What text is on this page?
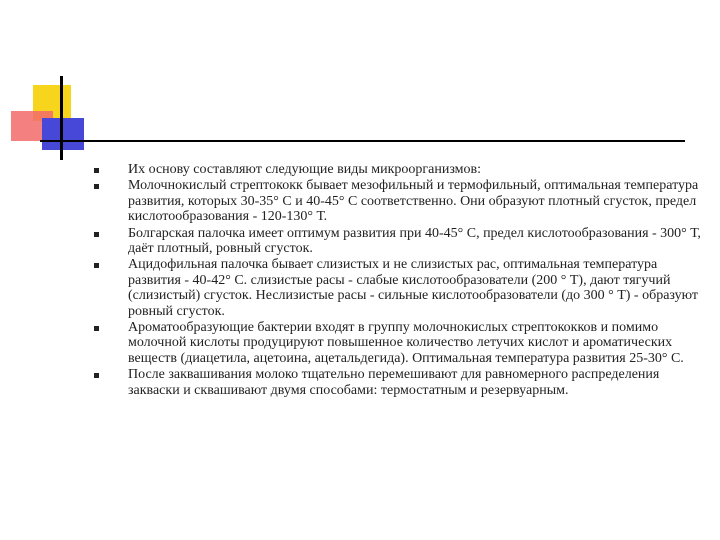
Их основу составляют следующие виды микроорганизмов:
Молочнокислый стрептококк бывает мезофильный и термофильный, оптимальная температура развития, которых 30-35° С и 40-45° С соответственно. Они образуют плотный сгусток, предел кислотообразования - 120-130° Т.
Болгарская палочка имеет оптимум развития при 40-45° С, предел кислотообразования - 300° Т, даёт плотный, ровный сгусток.
Ацидофильная палочка бывает слизистых и не слизистых рас, оптимальная температура развития - 40-42° С. слизистые расы - слабые кислотообразователи (200 ° Т), дают тягучий (слизистый) сгусток. Неслизистые расы - сильные кислотообразователи (до 300 ° Т) - образуют ровный сгусток.
Ароматообразующие бактерии входят в группу молочнокислых стрептококков и помимо молочной кислоты продуцируют повышенное количество летучих кислот и ароматических веществ (диацетила, ацетоина, ацетальдегида). Оптимальная температура развития 25-30° С.
После заквашивания молоко тщательно перемешивают для равномерного распределения закваски и сквашивают двумя способами: термостатным и резервуарным.
